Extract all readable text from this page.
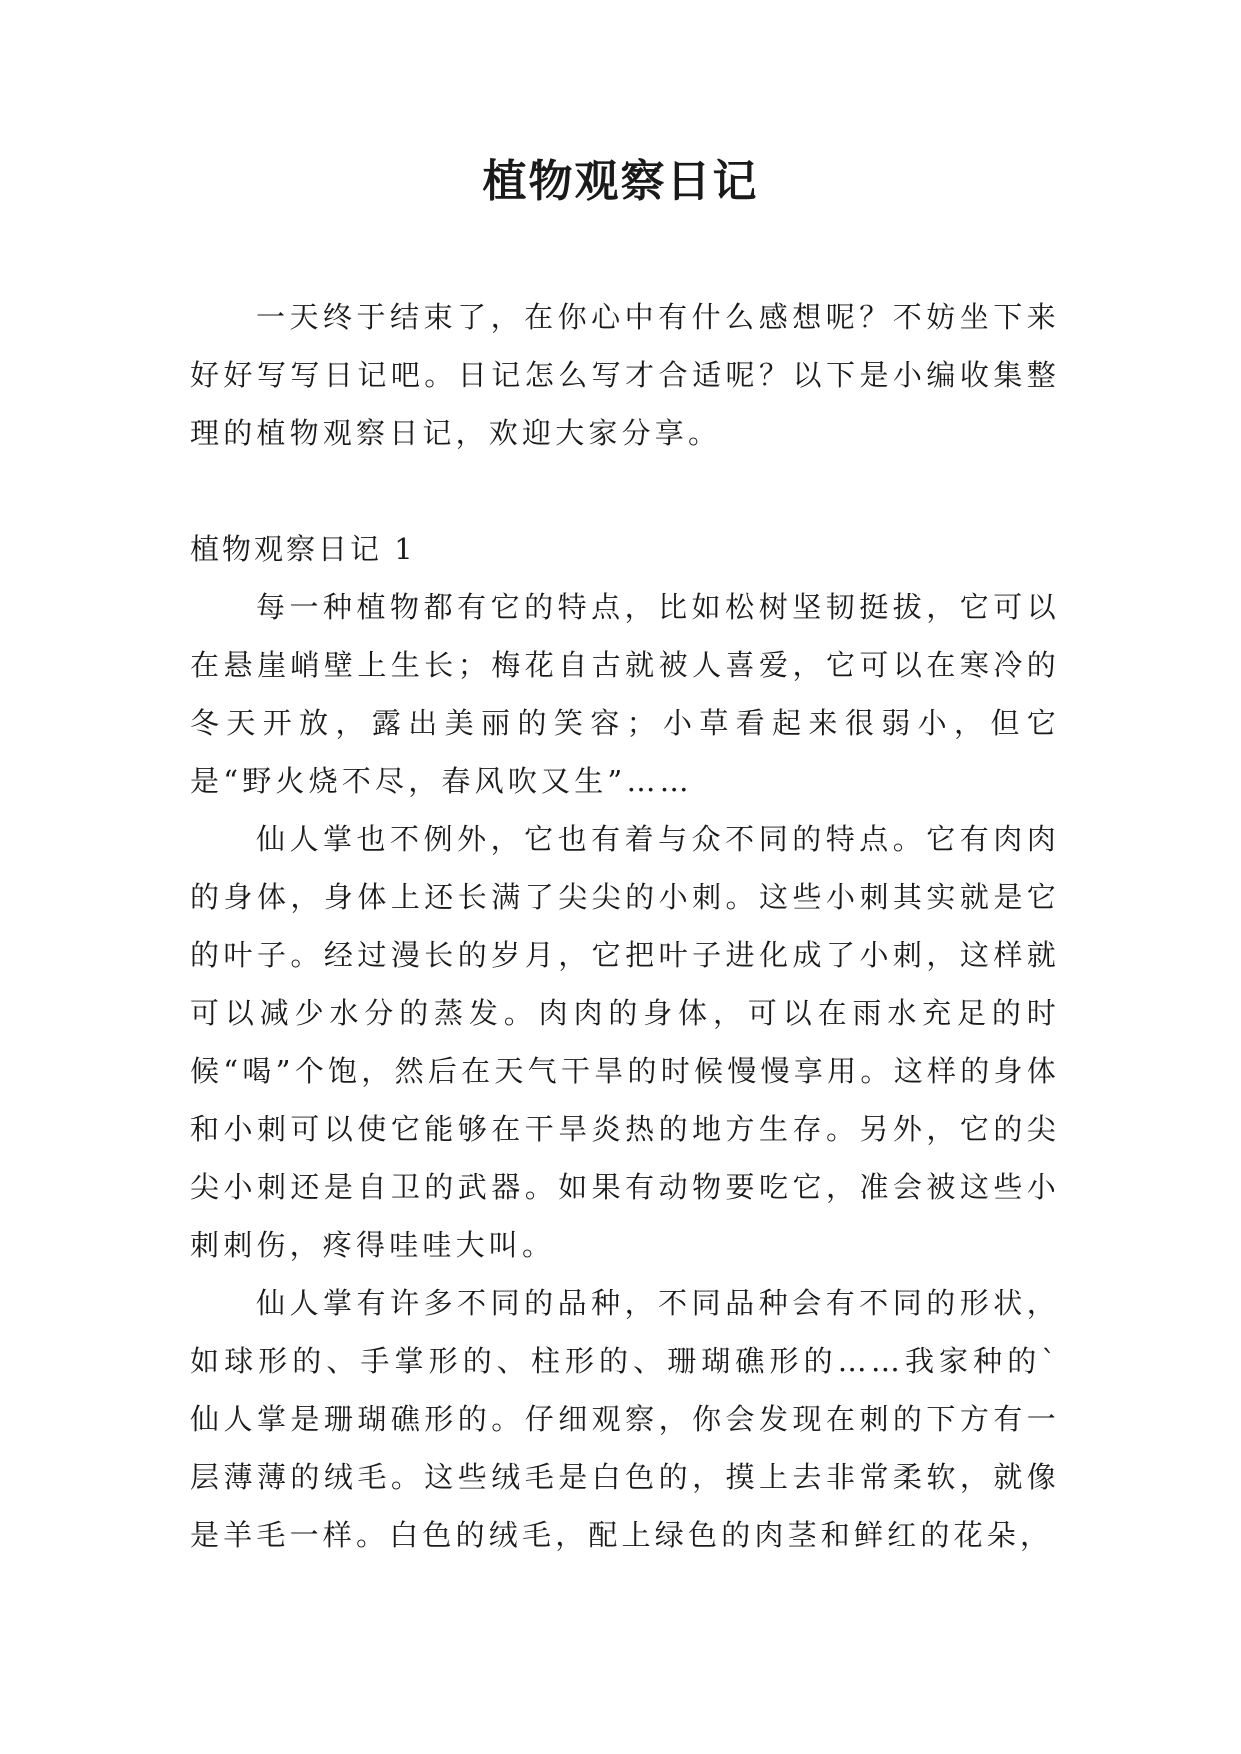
植物观察日记

一天终于结束了，在你心中有什么感想呢？不妨坐下来好好写写日记吧。日记怎么写才合适呢？以下是小编收集整理的植物观察日记，欢迎大家分享。

植物观察日记 1

每一种植物都有它的特点，比如松树坚韧挺拔，它可以在悬崖峭壁上生长；梅花自古就被人喜爱，它可以在寒冷的冬天开放，露出美丽的笑容；小草看起来很弱小，但它是“野火烧不尽，春风吹又生”……

仙人掌也不例外，它也有着与众不同的特点。它有肉肉的身体，身体上还长满了尖尖的小刺。这些小刺其实就是它的叶子。经过漫长的岁月，它把叶子进化成了小刺，这样就可以减少水分的蒸发。肉肉的身体，可以在雨水充足的时候“喝”个饱，然后在天气干旱的时候慢慢享用。这样的身体和小刺可以使它能够在干旱炎热的地方生存。另外，它的尖尖小刺还是自卫的武器。如果有动物要吃它，准会被这些小刺刺伤，疼得哇哇大叫。

仙人掌有许多不同的品种，不同品种会有不同的形状，如球形的、手掌形的、柱形的、珊瑚礁形的……我家种的`仙人掌是珊瑚礁形的。仔细观察，你会发现在刺的下方有一层薄薄的绒毛。这些绒毛是白色的，摸上去非常柔软，就像是羊毛一样。白色的绒毛，配上绿色的肉茎和鲜红的花朵，
